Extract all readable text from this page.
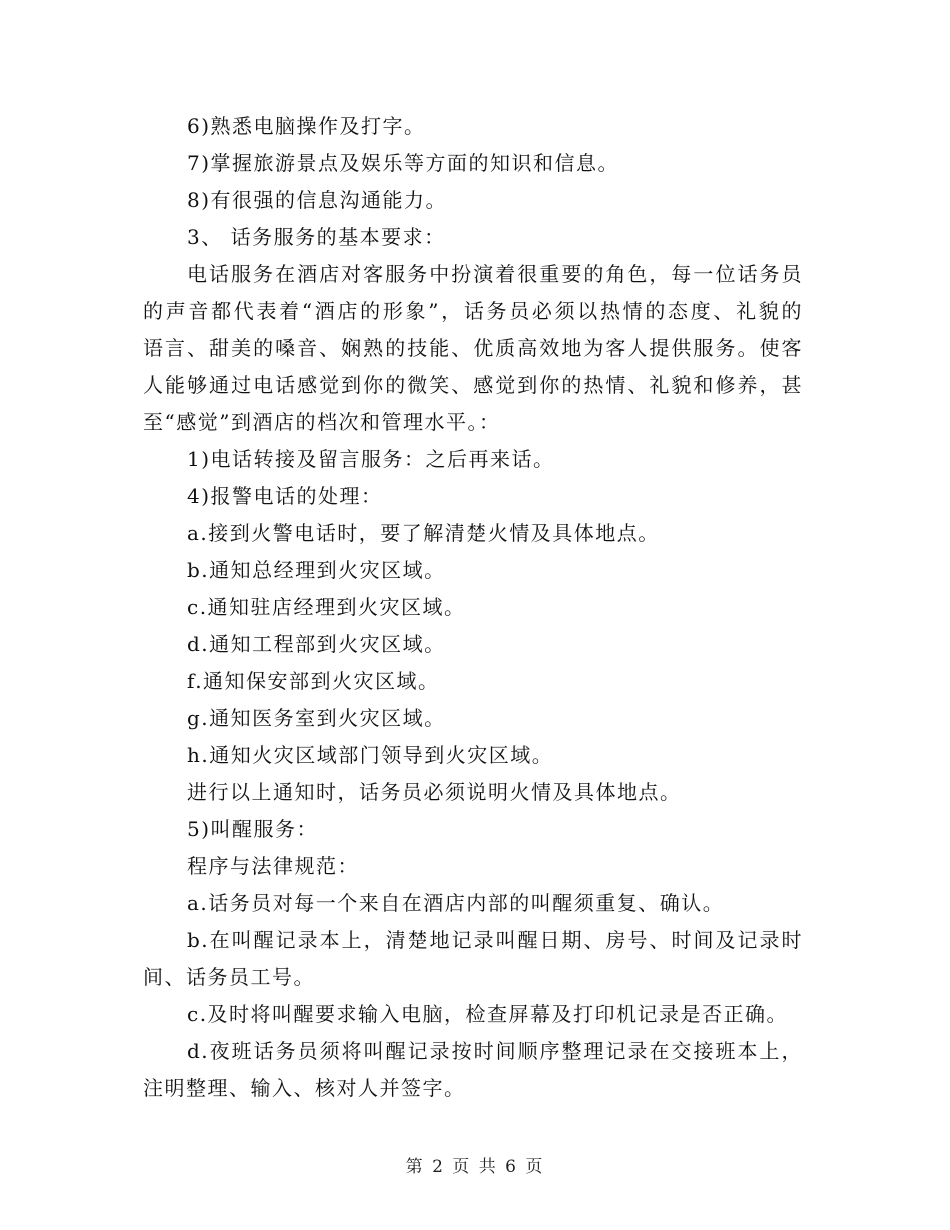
6)熟悉电脑操作及打字。
7)掌握旅游景点及娱乐等方面的知识和信息。
8)有很强的信息沟通能力。
3、 话务服务的基本要求：
电话服务在酒店对客服务中扮演着很重要的角色，每一位话务员
的声音都代表着“酒店的形象”，话务员必须以热情的态度、礼貌的
语言、甜美的嗓音、娴熟的技能、优质高效地为客人提供服务。使客
人能够通过电话感觉到你的微笑、感觉到你的热情、礼貌和修养，甚
至“感觉”到酒店的档次和管理水平。：
1)电话转接及留言服务：之后再来话。
4)报警电话的处理：
a.接到火警电话时，要了解清楚火情及具体地点。
b.通知总经理到火灾区域。
c.通知驻店经理到火灾区域。
d.通知工程部到火灾区域。
f.通知保安部到火灾区域。
g.通知医务室到火灾区域。
h.通知火灾区域部门领导到火灾区域。
进行以上通知时，话务员必须说明火情及具体地点。
5)叫醒服务：
程序与法律规范：
a.话务员对每一个来自在酒店内部的叫醒须重复、确认。
b.在叫醒记录本上，清楚地记录叫醒日期、房号、时间及记录时
间、话务员工号。
c.及时将叫醒要求输入电脑，检查屏幕及打印机记录是否正确。
d.夜班话务员须将叫醒记录按时间顺序整理记录在交接班本上，
注明整理、输入、核对人并签字。
第 2 页 共 6 页
